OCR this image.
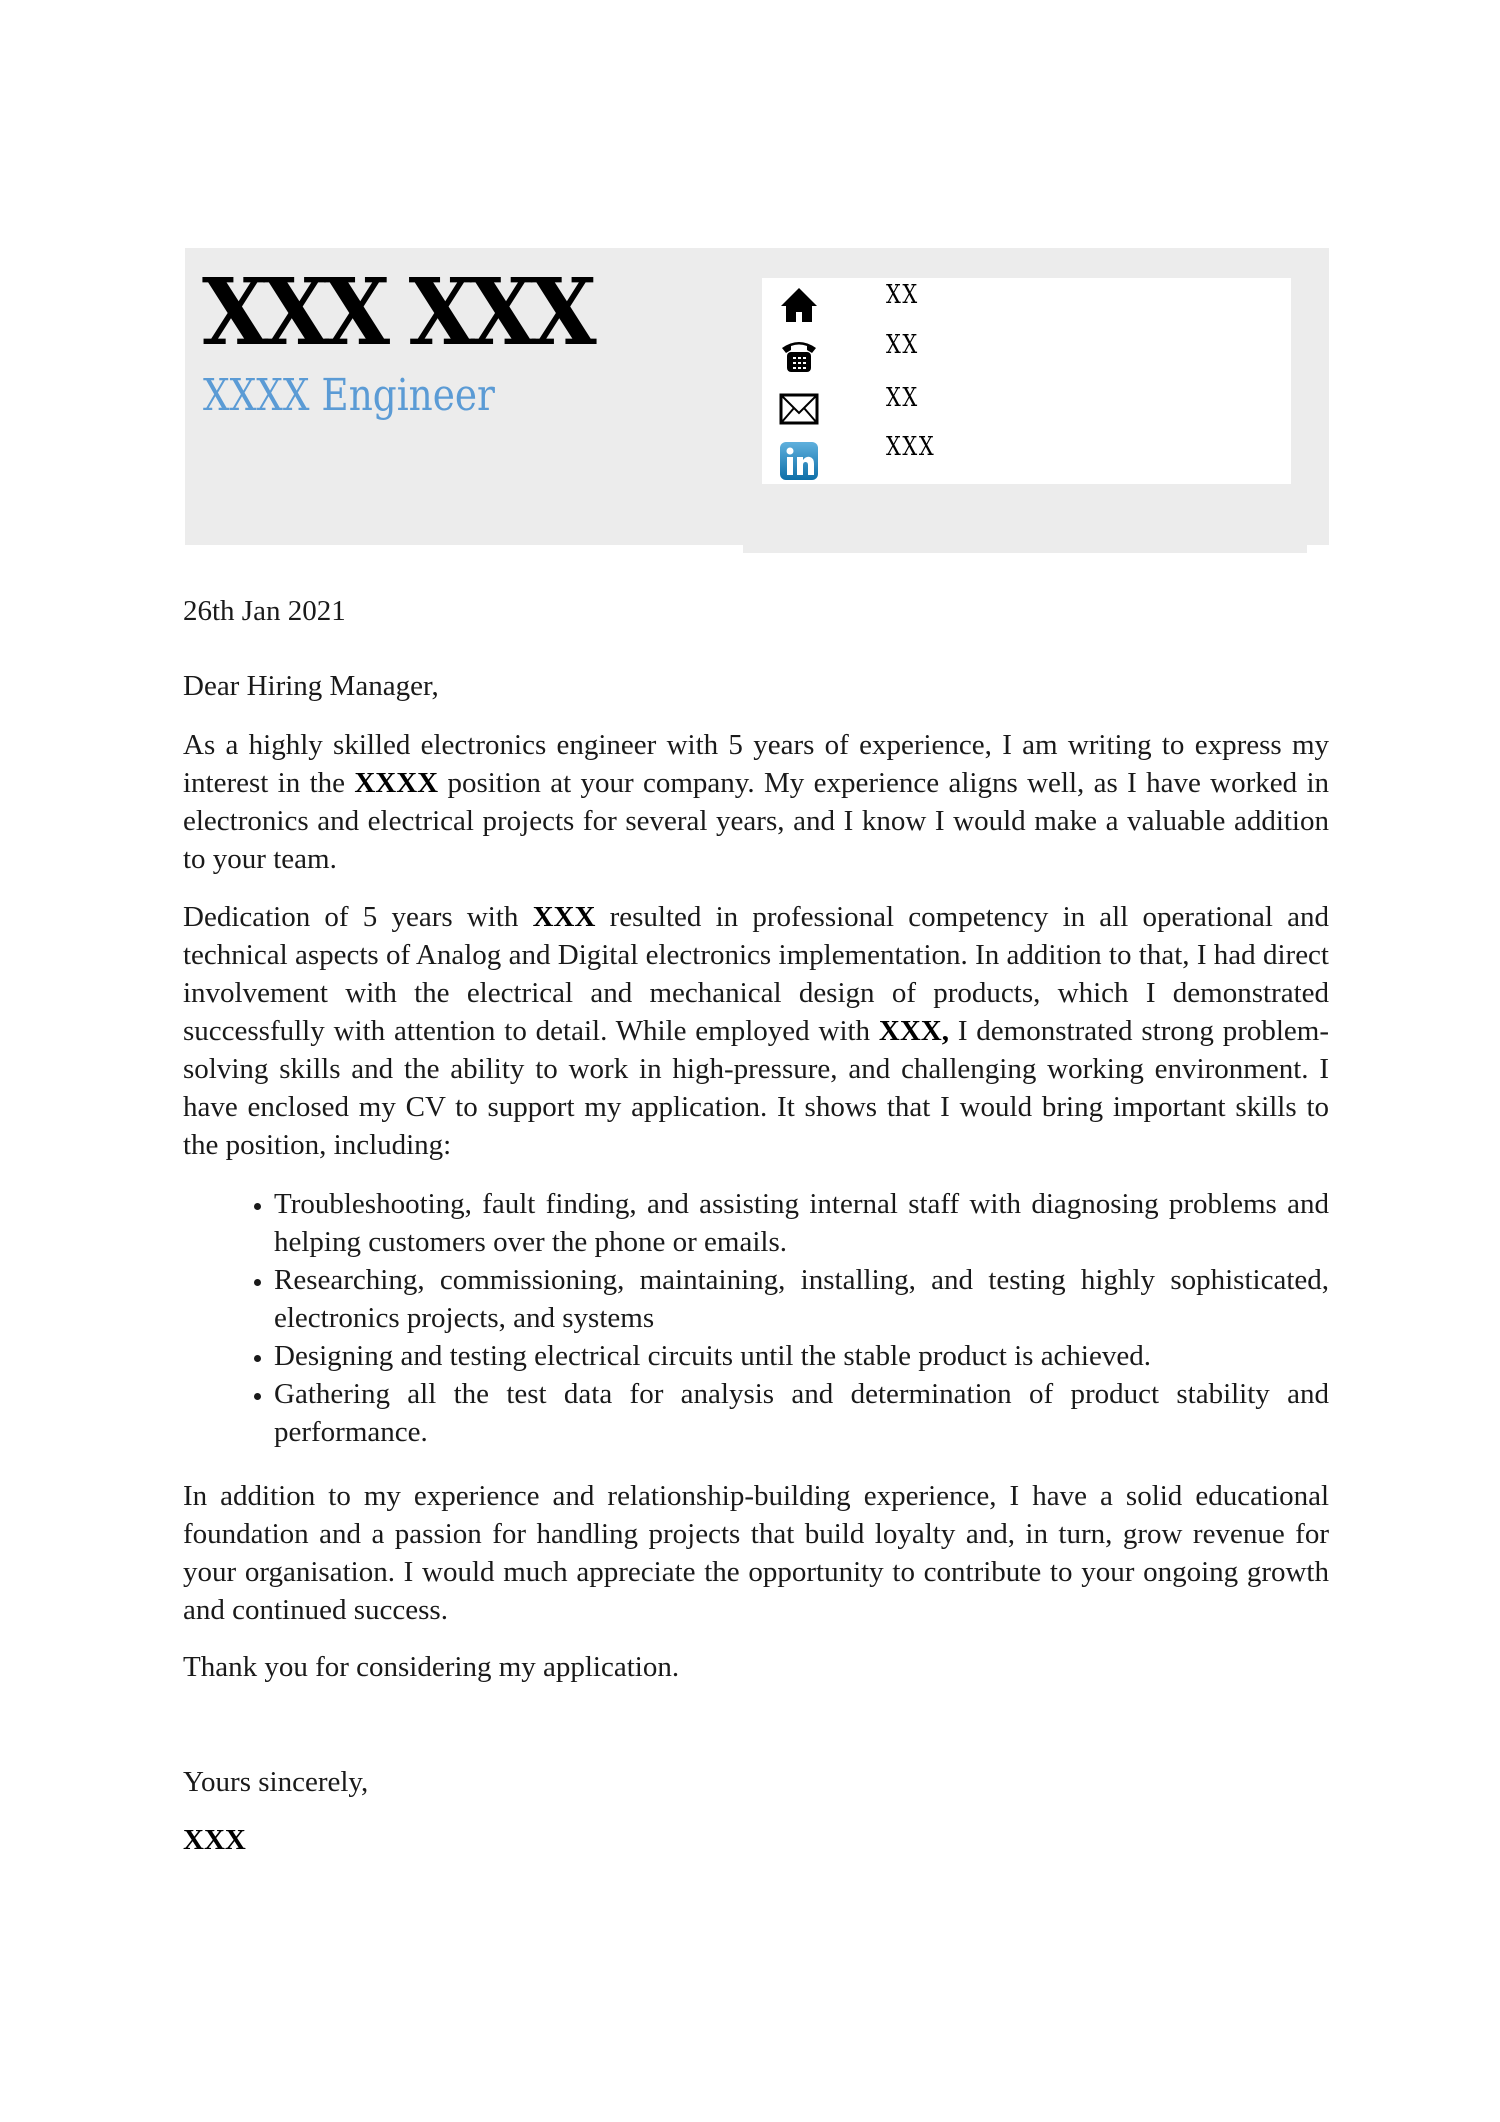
XXX XXX
XXXX Engineer
XX
XX
XX
XXX
26th Jan 2021
Dear Hiring Manager,

As a highly skilled electronics engineer with 5 years of experience, I am writing to express my interest in the XXXX position at your company. My experience aligns well, as I have worked in electronics and electrical projects for several years, and I know I would make a valuable addition to your team.

Dedication of 5 years with XXX resulted in professional competency in all operational and technical aspects of Analog and Digital electronics implementation. In addition to that, I had direct involvement with the electrical and mechanical design of products, which I demonstrated successfully with attention to detail. While employed with XXX, I demonstrated strong problem-solving skills and the ability to work in high-pressure, and challenging working environment. I have enclosed my CV to support my application. It shows that I would bring important skills to the position, including:

• Troubleshooting, fault finding, and assisting internal staff with diagnosing problems and helping customers over the phone or emails.
• Researching, commissioning, maintaining, installing, and testing highly sophisticated, electronics projects, and systems
• Designing and testing electrical circuits until the stable product is achieved.
• Gathering all the test data for analysis and determination of product stability and performance.
In addition to my experience and relationship-building experience, I have a solid educational foundation and a passion for handling projects that build loyalty and, in turn, grow revenue for your organisation. I would much appreciate the opportunity to contribute to your ongoing growth and continued success.
Thank you for considering my application.
Yours sincerely,
XXX
